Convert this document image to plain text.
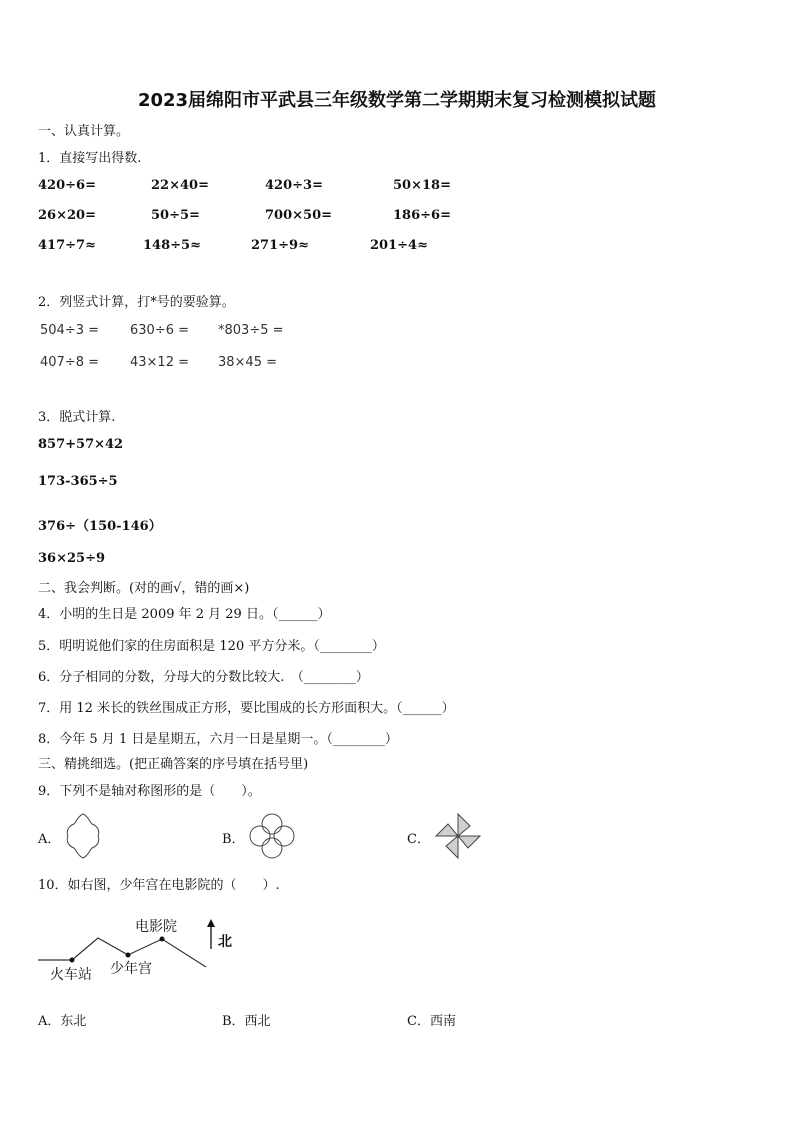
2023届绵阳市平武县三年级数学第二学期期末复习检测模拟试题
一、认真计算。
1．直接写出得数.
420÷6=	22×40=	420÷3=	50×18=
26×20=	50÷5=	700×50=	186÷6=
417÷7≈	148÷5≈	271÷9≈	201÷4≈
2．列竖式计算，打*号的要验算。
504÷3 = 630÷6 = *803÷5 =
407÷8 = 43×12 = 38×45 =
3．脱式计算.
857+57×42
173-365÷5
376÷（150-146）
36×25÷9
二、我会判断。(对的画√，错的画×)
4．小明的生日是 2009 年 2 月 29 日。（______）
5．明明说他们家的住房面积是 120 平方分米。（________）
6．分子相同的分数，分母大的分数比较大.　（________）
7．用 12 米长的铁丝围成正方形，要比围成的长方形面积大。（______）
8．今年 5 月 1 日是星期五，六月一日是星期一。（________）
三、精挑细选。(把正确答案的序号填在括号里)
9．下列不是轴对称图形的是（　　）。
A．	B．	C．
10．如右图，少年宫在电影院的（　　）.
电影院
北
火车站 少年宫
A．东北	B．西北	C．西南
